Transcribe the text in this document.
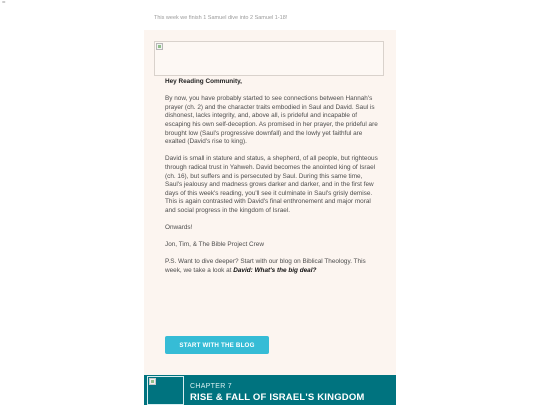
=
This week we finish 1 Samuel dive into 2 Samuel 1-18!

Hey Reading Community,

By now, you have probably started to see connections between Hannah's prayer (ch. 2) and the character traits embodied in Saul and David. Saul is dishonest, lacks integrity, and, above all, is prideful and incapable of escaping his own self-deception. As promised in her prayer, the prideful are brought low (Saul's progressive downfall) and the lowly yet faithful are exalted (David's rise to king).

David is small in stature and status, a shepherd, of all people, but righteous through radical trust in Yahweh. David becomes the anointed king of Israel (ch. 16), but suffers and is persecuted by Saul. During this same time, Saul's jealousy and madness grows darker and darker, and in the first few days of this week's reading, you'll see it culminate in Saul's grisly demise. This is again contrasted with David's final enthronement and major moral and social progress in the kingdom of Israel.

Onwards!

Jon, Tim, & The Bible Project Crew

P.S. Want to dive deeper? Start with our blog on Biblical Theology. This week, we take a look at David: What's the big deal?

START WITH THE BLOG
CHAPTER 7
RISE & FALL OF ISRAEL'S KINGDOM
